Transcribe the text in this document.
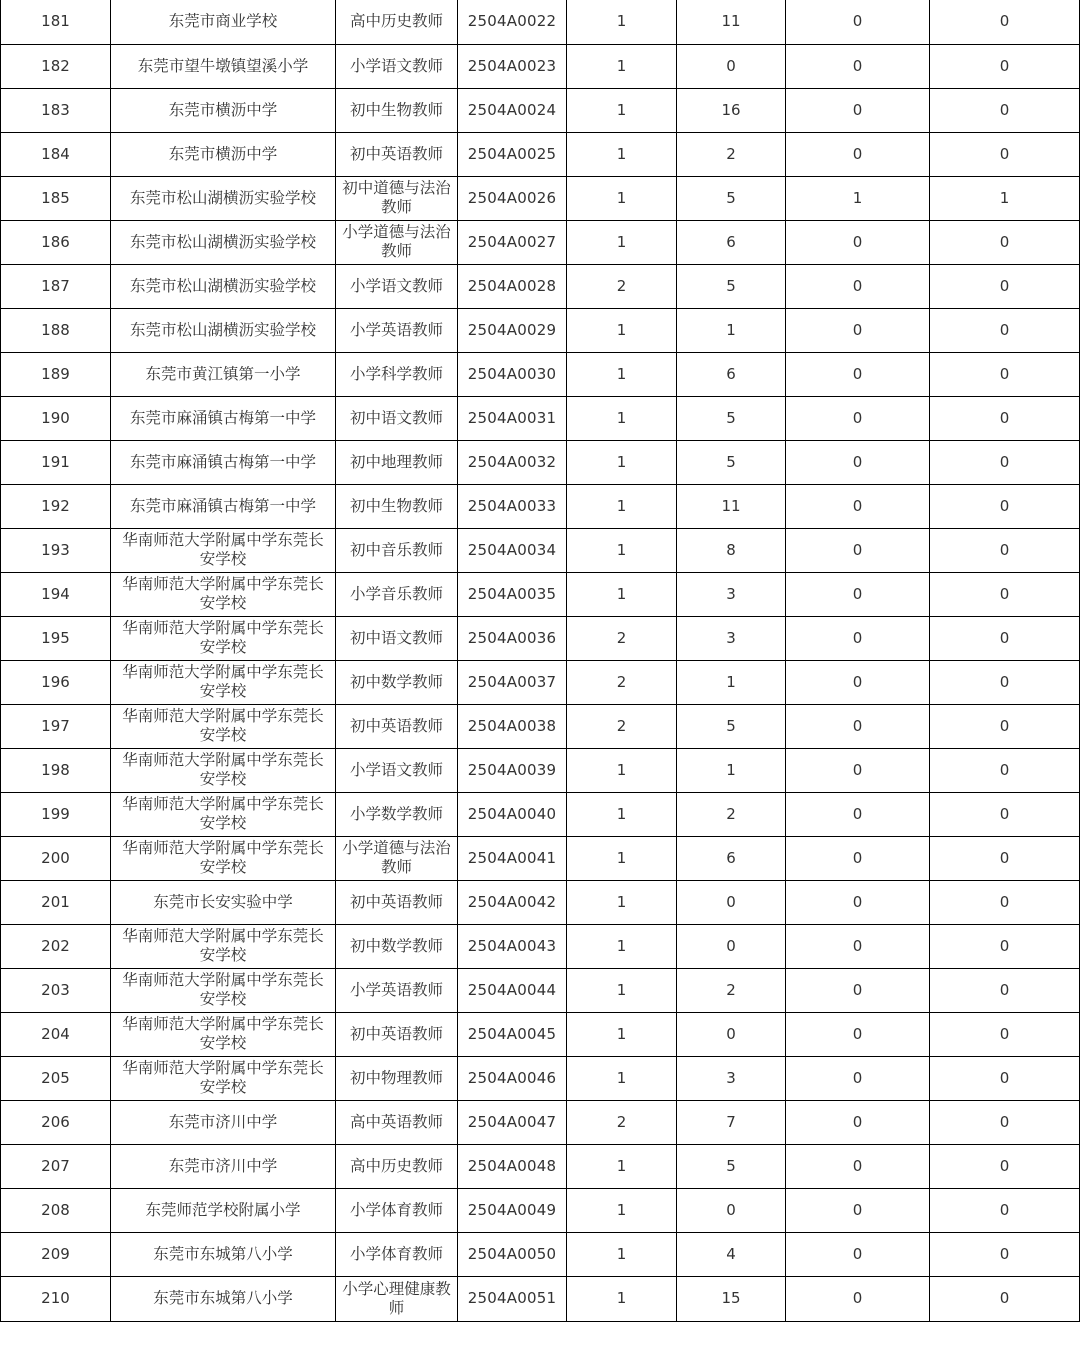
181	东莞市商业学校	高中历史教师	2504A0022	1	11	0	0
182	东莞市望牛墩镇望溪小学	小学语文教师	2504A0023	1	0	0	0
183	东莞市横沥中学	初中生物教师	2504A0024	1	16	0	0
184	东莞市横沥中学	初中英语教师	2504A0025	1	2	0	0
185	东莞市松山湖横沥实验学校	初中道德与法治教师	2504A0026	1	5	1	1
186	东莞市松山湖横沥实验学校	小学道德与法治教师	2504A0027	1	6	0	0
187	东莞市松山湖横沥实验学校	小学语文教师	2504A0028	2	5	0	0
188	东莞市松山湖横沥实验学校	小学英语教师	2504A0029	1	1	0	0
189	东莞市黄江镇第一小学	小学科学教师	2504A0030	1	6	0	0
190	东莞市麻涌镇古梅第一中学	初中语文教师	2504A0031	1	5	0	0
191	东莞市麻涌镇古梅第一中学	初中地理教师	2504A0032	1	5	0	0
192	东莞市麻涌镇古梅第一中学	初中生物教师	2504A0033	1	11	0	0
193	华南师范大学附属中学东莞长安学校	初中音乐教师	2504A0034	1	8	0	0
194	华南师范大学附属中学东莞长安学校	小学音乐教师	2504A0035	1	3	0	0
195	华南师范大学附属中学东莞长安学校	初中语文教师	2504A0036	2	3	0	0
196	华南师范大学附属中学东莞长安学校	初中数学教师	2504A0037	2	1	0	0
197	华南师范大学附属中学东莞长安学校	初中英语教师	2504A0038	2	5	0	0
198	华南师范大学附属中学东莞长安学校	小学语文教师	2504A0039	1	1	0	0
199	华南师范大学附属中学东莞长安学校	小学数学教师	2504A0040	1	2	0	0
200	华南师范大学附属中学东莞长安学校	小学道德与法治教师	2504A0041	1	6	0	0
201	东莞市长安实验中学	初中英语教师	2504A0042	1	0	0	0
202	华南师范大学附属中学东莞长安学校	初中数学教师	2504A0043	1	0	0	0
203	华南师范大学附属中学东莞长安学校	小学英语教师	2504A0044	1	2	0	0
204	华南师范大学附属中学东莞长安学校	初中英语教师	2504A0045	1	0	0	0
205	华南师范大学附属中学东莞长安学校	初中物理教师	2504A0046	1	3	0	0
206	东莞市济川中学	高中英语教师	2504A0047	2	7	0	0
207	东莞市济川中学	高中历史教师	2504A0048	1	5	0	0
208	东莞师范学校附属小学	小学体育教师	2504A0049	1	0	0	0
209	东莞市东城第八小学	小学体育教师	2504A0050	1	4	0	0
210	东莞市东城第八小学	小学心理健康教师	2504A0051	1	15	0	0
